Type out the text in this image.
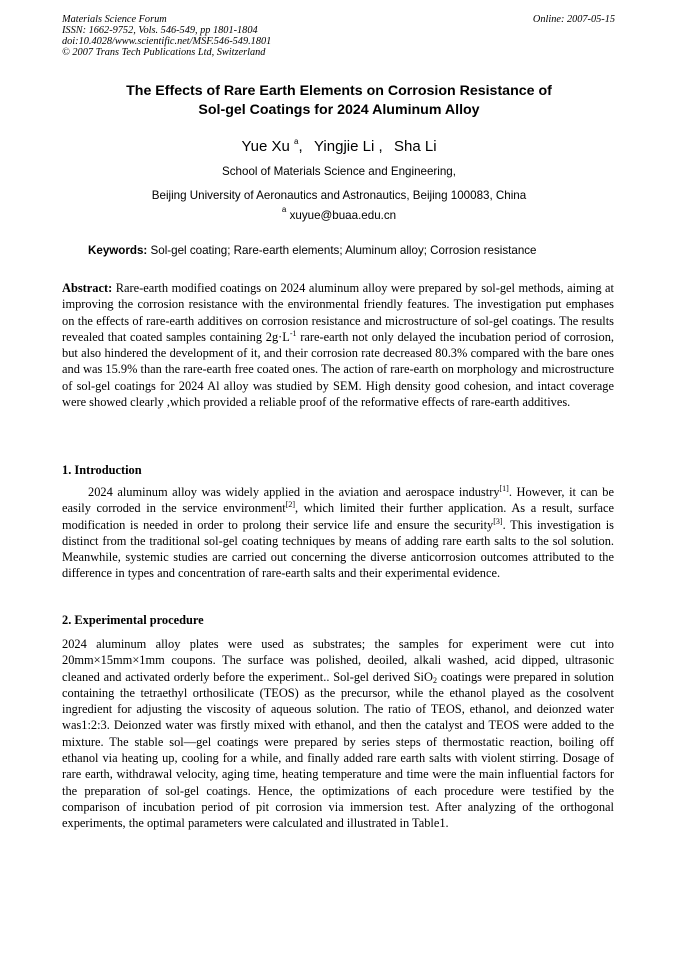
Materials Science Forum
ISSN: 1662-9752, Vols. 546-549, pp 1801-1804
doi:10.4028/www.scientific.net/MSF.546-549.1801
© 2007 Trans Tech Publications Ltd, Switzerland
Online: 2007-05-15
The Effects of Rare Earth Elements on Corrosion Resistance of
Sol-gel Coatings for 2024 Aluminum Alloy
Yue Xu $^a$, Yingjie Li , Sha Li
School of Materials Science and Engineering,
Beijing University of Aeronautics and Astronautics, Beijing 100083, China
$^a$ xuyue@buaa.edu.cn
Keywords: Sol-gel coating; Rare-earth elements; Aluminum alloy; Corrosion resistance
Abstract: Rare-earth modified coatings on 2024 aluminum alloy were prepared by sol-gel methods, aiming at improving the corrosion resistance with the environmental friendly features. The investigation put emphases on the effects of rare-earth additives on corrosion resistance and microstructure of sol-gel coatings. The results revealed that coated samples containing $2g\cdot L^{-1}$ rare-earth not only delayed the incubation period of corrosion, but also hindered the development of it, and their corrosion rate decreased 80.3% compared with the bare ones and was 15.9% than the rare-earth free coated ones. The action of rare-earth on morphology and microstructure of sol-gel coatings for 2024 Al alloy was studied by SEM. High density good cohesion, and intact coverage were showed clearly ,which provided a reliable proof of the reformative effects of rare-earth additives.
1. Introduction
2024 aluminum alloy was widely applied in the aviation and aerospace industry[1]. However, it can be easily corroded in the service environment[2], which limited their further application. As a result, surface modification is needed in order to prolong their service life and ensure the security[3]. This investigation is distinct from the traditional sol-gel coating techniques by means of adding rare earth salts to the sol solution. Meanwhile, systemic studies are carried out concerning the diverse anticorrosion outcomes attributed to the difference in types and concentration of rare-earth salts and their experimental evidence.
2. Experimental procedure
2024 aluminum alloy plates were used as substrates; the samples for experiment were cut into 20mm×15mm×1mm coupons. The surface was polished, deoiled, alkali washed, acid dipped, ultrasonic cleaned and activated orderly before the experiment.. Sol-gel derived SiO$_2$ coatings were prepared in solution containing the tetraethyl orthosilicate (TEOS) as the precursor, while the ethanol played as the cosolvent ingredient for adjusting the viscosity of aqueous solution. The ratio of TEOS, ethanol, and deionzed water was1:2:3. Deionzed water was firstly mixed with ethanol, and then the catalyst and TEOS were added to the mixture. The stable sol—gel coatings were prepared by series steps of thermostatic reaction, boiling off ethanol via heating up, cooling for a while, and finally added rare earth salts with violent stirring. Dosage of rare earth, withdrawal velocity, aging time, heating temperature and time were the main influential factors for the preparation of sol-gel coatings. Hence, the optimizations of each procedure were testified by the comparison of incubation period of pit corrosion via immersion test. After analyzing of the orthogonal experiments, the optimal parameters were calculated and illustrated in Table1.
